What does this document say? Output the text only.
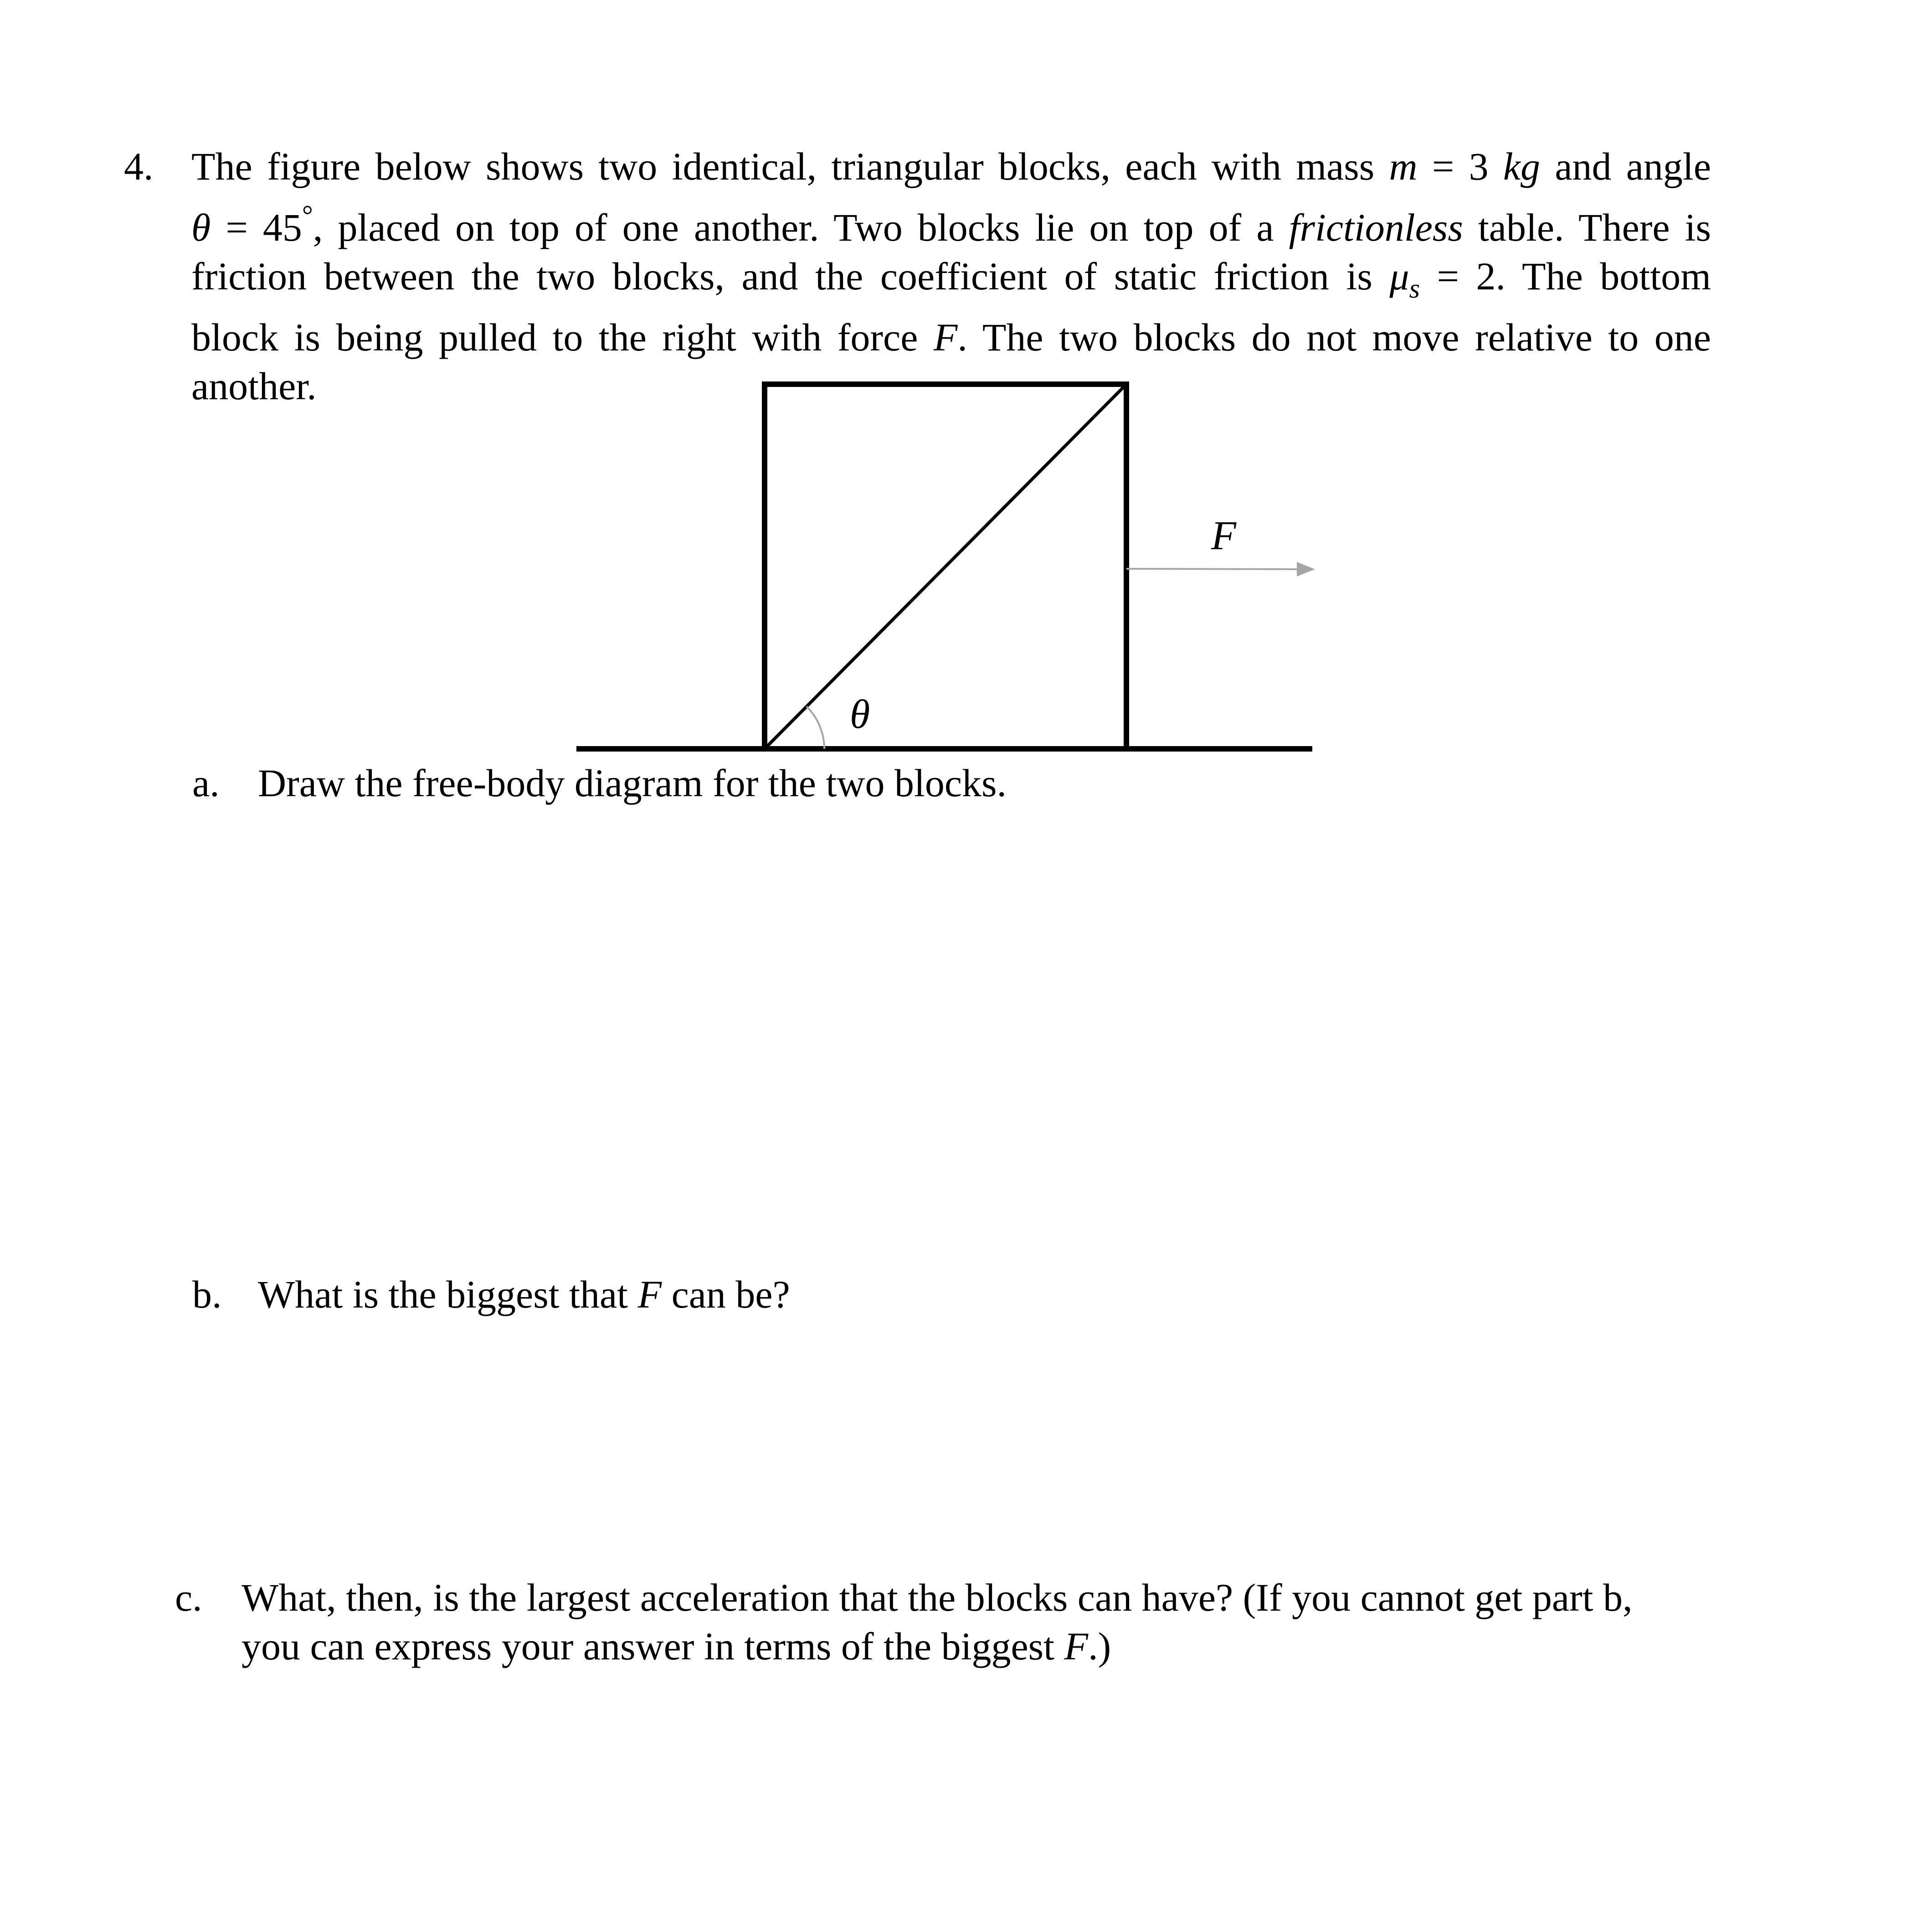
4. The figure below shows two identical, triangular blocks, each with mass m = 3 kg and angle
θ = 45°, placed on top of one another. Two blocks lie on top of a frictionless table. There is
friction between the two blocks, and the coefficient of static friction is $\mu_s = 2$. The bottom
block is being pulled to the right with force F. The two blocks do not move relative to one
another.
F
θ
a. Draw the free-body diagram for the two blocks.
b. What is the biggest that F can be?
c. What, then, is the largest acceleration that the blocks can have? (If you cannot get part b,
you can express your answer in terms of the biggest F.)
